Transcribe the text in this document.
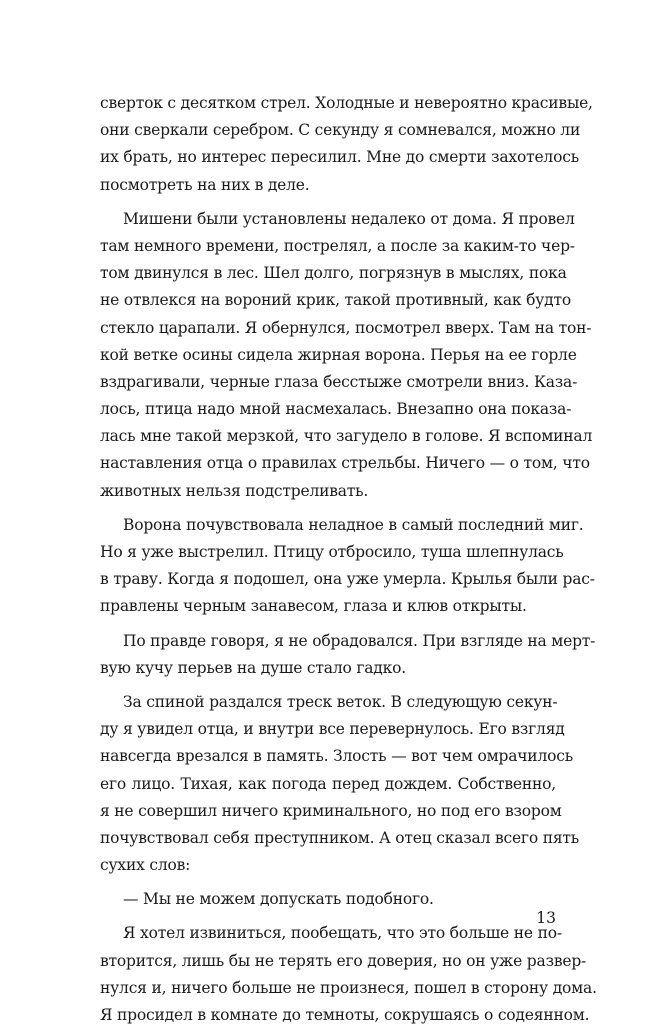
сверток с десятком стрел. Холодные и невероятно красивые,
они сверкали серебром. С секунду я сомневался, можно ли
их брать, но интерес пересилил. Мне до смерти захотелось
посмотреть на них в деле.
Мишени были установлены недалеко от дома. Я провел
там немного времени, пострелял, а после за каким-то чер-
том двинулся в лес. Шел долго, погрязнув в мыслях, пока
не отвлекся на вороний крик, такой противный, как будто
стекло царапали. Я обернулся, посмотрел вверх. Там на тон-
кой ветке осины сидела жирная ворона. Перья на ее горле
вздрагивали, черные глаза бесстыже смотрели вниз. Каза-
лось, птица надо мной насмехалась. Внезапно она показа-
лась мне такой мерзкой, что загудело в голове. Я вспоминал
наставления отца о правилах стрельбы. Ничего — о том, что
животных нельзя подстреливать.
Ворона почувствовала неладное в самый последний миг.
Но я уже выстрелил. Птицу отбросило, туша шлепнулась
в траву. Когда я подошел, она уже умерла. Крылья были рас-
правлены черным занавесом, глаза и клюв открыты.
По правде говоря, я не обрадовался. При взгляде на мерт-
вую кучу перьев на душе стало гадко.
За спиной раздался треск веток. В следующую секун-
ду я увидел отца, и внутри все перевернулось. Его взгляд
навсегда врезался в память. Злость — вот чем омрачилось
его лицо. Тихая, как погода перед дождем. Собственно,
я не совершил ничего криминального, но под его взором
почувствовал себя преступником. А отец сказал всего пять
сухих слов:
— Мы не можем допускать подобного.
Я хотел извиниться, пообещать, что это больше не по-
вторится, лишь бы не терять его доверия, но он уже развер-
нулся и, ничего больше не произнеся, пошел в сторону дома.
Я просидел в комнате до темноты, сокрушаясь о содеянном.
13
